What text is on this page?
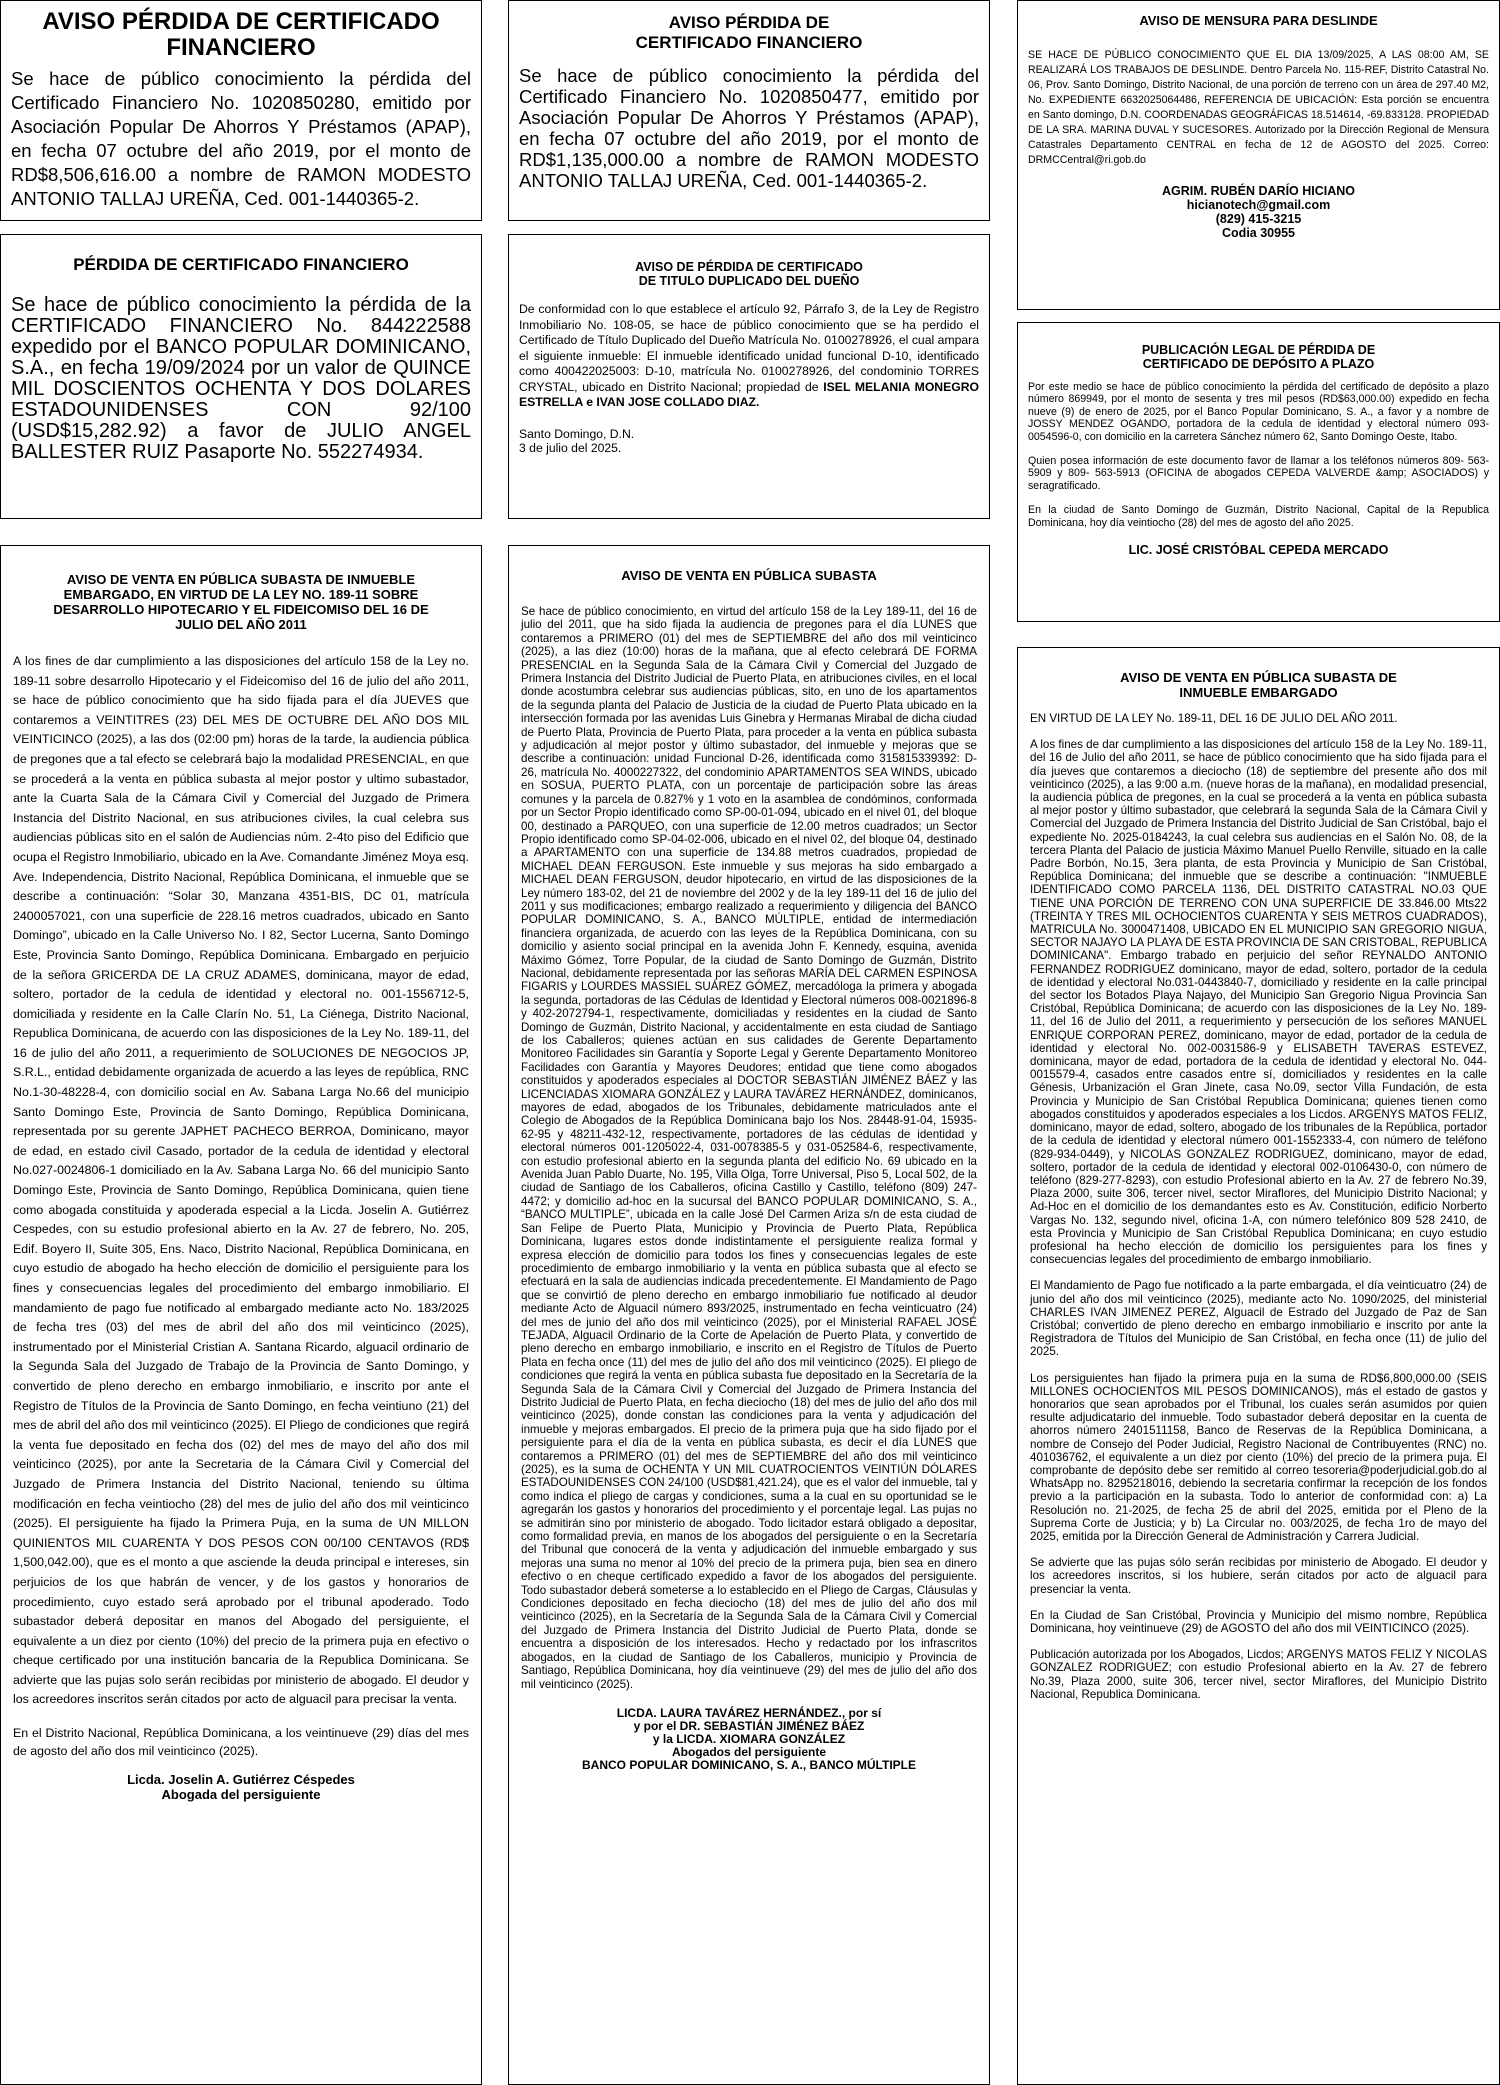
AVISO PÉRDIDA DE CERTIFICADO FINANCIERO

Se hace de público conocimiento la pérdida del Certificado Financiero No. 1020850280, emitido por Asociación Popular De Ahorros Y Préstamos (APAP), en fecha 07 octubre del año 2019, por el monto de RD$8,506,616.00 a nombre de RAMON MODESTO ANTONIO TALLAJ UREÑA, Ced. 001-1440365-2.

PÉRDIDA DE CERTIFICADO FINANCIERO

Se hace de público conocimiento la pérdida de la CERTIFICADO FINANCIERO No. 844222588 expedido por el BANCO POPULAR DOMINICANO, S.A., en fecha 19/09/2024 por un valor de QUINCE MIL DOSCIENTOS OCHENTA Y DOS DOLARES ESTADOUNIDENSES CON 92/100 (USD$15,282.92) a favor de JULIO ANGEL BALLESTER RUIZ Pasaporte No. 552274934.

AVISO DE VENTA EN PÚBLICA SUBASTA DE INMUEBLE EMBARGADO, EN VIRTUD DE LA LEY NO. 189-11 SOBRE DESARROLLO HIPOTECARIO Y EL FIDEICOMISO DEL 16 DE JULIO DEL AÑO 2011

A los fines de dar cumplimiento a las disposiciones del artículo 158 de la Ley no. 189-11 sobre desarrollo Hipotecario y el Fideicomiso del 16 de julio del año 2011, se hace de público conocimiento que ha sido fijada para el día JUEVES que contaremos a VEINTITRES (23) DEL MES DE OCTUBRE DEL AÑO DOS MIL VEINTICINCO (2025), a las dos (02:00 pm) horas de la tarde, la audiencia pública de pregones que a tal efecto se celebrará bajo la modalidad PRESENCIAL, en que se procederá a la venta en pública subasta al mejor postor y ultimo subastador, ante la Cuarta Sala de la Cámara Civil y Comercial del Juzgado de Primera Instancia del Distrito Nacional, en sus atribuciones civiles, la cual celebra sus audiencias públicas sito en el salón de Audiencias núm. 2-4to piso del Edificio que ocupa el Registro Inmobiliario, ubicado en la Ave. Comandante Jiménez Moya esq. Ave. Independencia, Distrito Nacional, República Dominicana, el inmueble que se describe a continuación: “Solar 30, Manzana 4351-BIS, DC 01, matrícula 2400057021, con una superficie de 228.16 metros cuadrados, ubicado en Santo Domingo”, ubicado en la Calle Universo No. I 82, Sector Lucerna, Santo Domingo Este, Provincia Santo Domingo, República Dominicana. Embargado en perjuicio de la señora GRICERDA DE LA CRUZ ADAMES, dominicana, mayor de edad, soltero, portador de la cedula de identidad y electoral no. 001-1556712-5, domiciliada y residente en la Calle Clarín No. 51, La Ciénega, Distrito Nacional, Republica Dominicana, de acuerdo con las disposiciones de la Ley No. 189-11, del 16 de julio del año 2011, a requerimiento de SOLUCIONES DE NEGOCIOS JP, S.R.L., entidad debidamente organizada de acuerdo a las leyes de república, RNC No.1-30-48228-4, con domicilio social en Av. Sabana Larga No.66 del municipio Santo Domingo Este, Provincia de Santo Domingo, República Dominicana, representada por su gerente JAPHET PACHECO BERROA, Dominicano, mayor de edad, en estado civil Casado, portador de la cedula de identidad y electoral No.027-0024806-1 domiciliado en la Av. Sabana Larga No. 66 del municipio Santo Domingo Este, Provincia de Santo Domingo, República Dominicana, quien tiene como abogada constituida y apoderada especial a la Licda. Joselin A. Gutiérrez Cespedes, con su estudio profesional abierto en la Av. 27 de febrero, No. 205, Edif. Boyero II, Suite 305, Ens. Naco, Distrito Nacional, República Dominicana, en cuyo estudio de abogado ha hecho elección de domicilio el persiguiente para los fines y consecuencias legales del procedimiento del embargo inmobiliario. El mandamiento de pago fue notificado al embargado mediante acto No. 183/2025 de fecha tres (03) del mes de abril del año dos mil veinticinco (2025), instrumentado por el Ministerial Cristian A. Santana Ricardo, alguacil ordinario de la Segunda Sala del Juzgado de Trabajo de la Provincia de Santo Domingo, y convertido de pleno derecho en embargo inmobiliario, e inscrito por ante el Registro de Títulos de la Provincia de Santo Domingo, en fecha veintiuno (21) del mes de abril del año dos mil veinticinco (2025). El Pliego de condiciones que regirá la venta fue depositado en fecha dos (02) del mes de mayo del año dos mil veinticinco (2025), por ante la Secretaria de la Cámara Civil y Comercial del Juzgado de Primera Instancia del Distrito Nacional, teniendo su última modificación en fecha veintiocho (28) del mes de julio del año dos mil veinticinco (2025). El persiguiente ha fijado la Primera Puja, en la suma de UN MILLON QUINIENTOS MIL CUARENTA Y DOS PESOS CON 00/100 CENTAVOS (RD$ 1,500,042.00), que es el monto a que asciende la deuda principal e intereses, sin perjuicios de los que habrán de vencer, y de los gastos y honorarios de procedimiento, cuyo estado será aprobado por el tribunal apoderado. Todo subastador deberá depositar en manos del Abogado del persiguiente, el equivalente a un diez por ciento (10%) del precio de la primera puja en efectivo o cheque certificado por una institución bancaria de la Republica Dominicana. Se advierte que las pujas solo serán recibidas por ministerio de abogado. El deudor y los acreedores inscritos serán citados por acto de alguacil para precisar la venta.

En el Distrito Nacional, República Dominicana, a los veintinueve (29) días del mes de agosto del año dos mil veinticinco (2025).

Licda. Joselin A. Gutiérrez Céspedes
Abogada del persiguiente
AVISO PÉRDIDA DE CERTIFICADO FINANCIERO

Se hace de público conocimiento la pérdida del Certificado Financiero No. 1020850477, emitido por Asociación Popular De Ahorros Y Préstamos (APAP), en fecha 07 octubre del año 2019, por el monto de RD$1,135,000.00 a nombre de RAMON MODESTO ANTONIO TALLAJ UREÑA, Ced. 001-1440365-2.

AVISO DE PÉRDIDA DE CERTIFICADO DE TITULO DUPLICADO DEL DUEÑO

De conformidad con lo que establece el artículo 92, Párrafo 3, de la Ley de Registro Inmobiliario No. 108-05, se hace de público conocimiento que se ha perdido el Certificado de Título Duplicado del Dueño Matrícula No. 0100278926, el cual ampara el siguiente inmueble: El inmueble identificado unidad funcional D-10, identificado como 400422025003: D-10, matrícula No. 0100278926, del condominio TORRES CRYSTAL, ubicado en Distrito Nacional; propiedad de ISEL MELANIA MONEGRO ESTRELLA e IVAN JOSE COLLADO DIAZ.

Santo Domingo, D.N.
3 de julio del 2025.
AVISO DE VENTA EN PÚBLICA SUBASTA

Se hace de público conocimiento, en virtud del artículo 158 de la Ley 189-11, del 16 de julio del 2011, que ha sido fijada la audiencia de pregones para el día LUNES que contaremos a PRIMERO (01) del mes de SEPTIEMBRE del año dos mil veinticinco (2025), a las diez (10:00) horas de la mañana, que al efecto celebrará DE FORMA PRESENCIAL en la Segunda Sala de la Cámara Civil y Comercial del Juzgado de Primera Instancia del Distrito Judicial de Puerto Plata, en atribuciones civiles, en el local donde acostumbra celebrar sus audiencias públicas, sito, en uno de los apartamentos de la segunda planta del Palacio de Justicia de la ciudad de Puerto Plata ubicado en la intersección formada por las avenidas Luis Ginebra y Hermanas Mirabal de dicha ciudad de Puerto Plata, Provincia de Puerto Plata, para proceder a la venta en pública subasta y adjudicación al mejor postor y último subastador, del inmueble y mejoras que se describe a continuación: unidad Funcional D-26, identificada como 315815339392: D-26, matrícula No. 4000227322, del condominio APARTAMENTOS SEA WINDS, ubicado en SOSUA, PUERTO PLATA, con un porcentaje de participación sobre las áreas comunes y la parcela de 0.827% y 1 voto en la asamblea de condóminos, conformada por un Sector Propio identificado como SP-00-01-094, ubicado en el nivel 01, del bloque 00, destinado a PARQUEO, con una superficie de 12.00 metros cuadrados; un Sector Propio identificado como SP-04-02-006, ubicado en el nivel 02, del bloque 04, destinado a APARTAMENTO con una superficie de 134.88 metros cuadrados, propiedad de MICHAEL DEAN FERGUSON. Este inmueble y sus mejoras ha sido embargado a MICHAEL DEAN FERGUSON, deudor hipotecario, en virtud de las disposiciones de la Ley número 183-02, del 21 de noviembre del 2002 y de la ley 189-11 del 16 de julio del 2011 y sus modificaciones; embargo realizado a requerimiento y diligencia del BANCO POPULAR DOMINICANO, S. A., BANCO MÚLTIPLE, entidad de intermediación financiera organizada, de acuerdo con las leyes de la República Dominicana, con su domicilio y asiento social principal en la avenida John F. Kennedy, esquina, avenida Máximo Gómez, Torre Popular, de la ciudad de Santo Domingo de Guzmán, Distrito Nacional, debidamente representada por las señoras MARÍA DEL CARMEN ESPINOSA FIGARIS y LOURDES MASSIEL SUÁREZ GÓMEZ, mercadóloga la primera y abogada la segunda, portadoras de las Cédulas de Identidad y Electoral números 008-0021896-8 y 402-2072794-1, respectivamente, domiciliadas y residentes en la ciudad de Santo Domingo de Guzmán, Distrito Nacional, y accidentalmente en esta ciudad de Santiago de los Caballeros; quienes actúan en sus calidades de Gerente Departamento Monitoreo Facilidades sin Garantía y Soporte Legal y Gerente Departamento Monitoreo Facilidades con Garantía y Mayores Deudores; entidad que tiene como abogados constituidos y apoderados especiales al DOCTOR SEBASTIÁN JIMÉNEZ BÁEZ y las LICENCIADAS XIOMARA GONZÁLEZ y LAURA TAVÁREZ HERNÁNDEZ, dominicanos, mayores de edad, abogados de los Tribunales, debidamente matriculados ante el Colegio de Abogados de la República Dominicana bajo los Nos. 28448-91-04, 15935-62-95 y 48211-432-12, respectivamente, portadores de las cédulas de identidad y electoral números 001-1205022-4, 031-0078385-5 y 031-052584-6, respectivamente, con estudio profesional abierto en la segunda planta del edificio No. 69 ubicado en la Avenida Juan Pablo Duarte, No. 195, Villa Olga, Torre Universal, Piso 5, Local 502, de la ciudad de Santiago de los Caballeros, oficina Castillo y Castillo, teléfono (809) 247-4472; y domicilio ad-hoc en la sucursal del BANCO POPULAR DOMINICANO, S. A., “BANCO MULTIPLE”, ubicada en la calle José Del Carmen Ariza s/n de esta ciudad de San Felipe de Puerto Plata, Municipio y Provincia de Puerto Plata, República Dominicana, lugares estos donde indistintamente el persiguiente realiza formal y expresa elección de domicilio para todos los fines y consecuencias legales de este procedimiento de embargo inmobiliario y la venta en pública subasta que al efecto se efectuará en la sala de audiencias indicada precedentemente. El Mandamiento de Pago que se convirtió de pleno derecho en embargo inmobiliario fue notificado al deudor mediante Acto de Alguacil número 893/2025, instrumentado en fecha veinticuatro (24) del mes de junio del año dos mil veinticinco (2025), por el Ministerial RAFAEL JOSÉ TEJADA, Alguacil Ordinario de la Corte de Apelación de Puerto Plata, y convertido de pleno derecho en embargo inmobiliario, e inscrito en el Registro de Títulos de Puerto Plata en fecha once (11) del mes de julio del año dos mil veinticinco (2025). El pliego de condiciones que regirá la venta en pública subasta fue depositado en la Secretaría de la Segunda Sala de la Cámara Civil y Comercial del Juzgado de Primera Instancia del Distrito Judicial de Puerto Plata, en fecha dieciocho (18) del mes de julio del año dos mil veinticinco (2025), donde constan las condiciones para la venta y adjudicación del inmueble y mejoras embargados. El precio de la primera puja que ha sido fijado por el persiguiente para el día de la venta en pública subasta, es decir el día LUNES que contaremos a PRIMERO (01) del mes de SEPTIEMBRE del año dos mil veinticinco (2025), es la suma de OCHENTA Y UN MIL CUATROCIENTOS VEINTIÚN DÓLARES ESTADOUNIDENSES CON 24/100 (USD$81,421.24), que es el valor del inmueble, tal y como indica el pliego de cargas y condiciones, suma a la cual en su oportunidad se le agregarán los gastos y honorarios del procedimiento y el porcentaje legal. Las pujas no se admitirán sino por ministerio de abogado. Todo licitador estará obligado a depositar, como formalidad previa, en manos de los abogados del persiguiente o en la Secretaría del Tribunal que conocerá de la venta y adjudicación del inmueble embargado y sus mejoras una suma no menor al 10% del precio de la primera puja, bien sea en dinero efectivo o en cheque certificado expedido a favor de los abogados del persiguiente. Todo subastador deberá someterse a lo establecido en el Pliego de Cargas, Cláusulas y Condiciones depositado en fecha dieciocho (18) del mes de julio del año dos mil veinticinco (2025), en la Secretaría de la Segunda Sala de la Cámara Civil y Comercial del Juzgado de Primera Instancia del Distrito Judicial de Puerto Plata, donde se encuentra a disposición de los interesados. Hecho y redactado por los infrascritos abogados, en la ciudad de Santiago de los Caballeros, municipio y Provincia de Santiago, República Dominicana, hoy día veintinueve (29) del mes de julio del año dos mil veinticinco (2025).

LICDA. LAURA TAVÁREZ HERNÁNDEZ., por sí
y por el DR. SEBASTIÁN JIMÉNEZ BÁEZ
y la LICDA. XIOMARA GONZÁLEZ
Abogados del persiguiente
BANCO POPULAR DOMINICANO, S. A., BANCO MÚLTIPLE
AVISO DE MENSURA PARA DESLINDE

SE HACE DE PÚBLICO CONOCIMIENTO QUE EL DIA 13/09/2025, A LAS 08:00 AM, SE REALIZARÁ LOS TRABAJOS DE DESLINDE. Dentro Parcela No. 115-REF, Distrito Catastral No. 06, Prov. Santo Domingo, Distrito Nacional, de una porción de terreno con un área de 297.40 M2, No. EXPEDIENTE 6632025064486, REFERENCIA DE UBICACIÓN: Esta porción se encuentra en Santo domingo, D.N. COORDENADAS GEOGRÁFICAS 18.514614, -69.833128. PROPIEDAD DE LA SRA. MARINA DUVAL Y SUCESORES. Autorizado por la Dirección Regional de Mensura Catastrales Departamento CENTRAL en fecha de 12 de AGOSTO del 2025. Correo: DRMCCentral@ri.gob.do

AGRIM. RUBÉN DARÍO HICIANO
hicianotech@gmail.com
(829) 415-3215
Codia 30955
PUBLICACIÓN LEGAL DE PÉRDIDA DE CERTIFICADO DE DEPÓSITO A PLAZO

Por este medio se hace de público conocimiento la pérdida del certificado de depósito a plazo número 869949, por el monto de sesenta y tres mil pesos (RD$63,000.00) expedido en fecha nueve (9) de enero de 2025, por el Banco Popular Dominicano, S. A., a favor y a nombre de JOSSY MENDEZ OGANDO, portadora de la cedula de identidad y electoral número 093-0054596-0, con domicilio en la carretera Sánchez número 62, Santo Domingo Oeste, Itabo.

Quien posea información de este documento favor de llamar a los teléfonos números 809- 563-5909 y 809- 563-5913 (OFICINA de abogados CEPEDA VALVERDE &amp; ASOCIADOS) y seragratificado.

En la ciudad de Santo Domingo de Guzmán, Distrito Nacional, Capital de la Republica Dominicana, hoy día veintiocho (28) del mes de agosto del año 2025.

LIC. JOSÉ CRISTÓBAL CEPEDA MERCADO
AVISO DE VENTA EN PÚBLICA SUBASTA DE INMUEBLE EMBARGADO

EN VIRTUD DE LA LEY No. 189-11, DEL 16 DE JULIO DEL AÑO 2011.

A los fines de dar cumplimiento a las disposiciones del artículo 158 de la Ley No. 189-11, del 16 de Julio del año 2011, se hace de público conocimiento que ha sido fijada para el día jueves que contaremos a dieciocho (18) de septiembre del presente año dos mil veinticinco (2025), a las 9:00 a.m. (nueve horas de la mañana), en modalidad presencial, la audiencia pública de pregones, en la cual se procederá a la venta en pública subasta al mejor postor y último subastador, que celebrará la segunda Sala de la Cámara Civil y Comercial del Juzgado de Primera Instancia del Distrito Judicial de San Cristóbal, bajo el expediente No. 2025-0184243, la cual celebra sus audiencias en el Salón No. 08, de la tercera Planta del Palacio de justicia Máximo Manuel Puello Renville, situado en la calle Padre Borbón, No.15, 3era planta, de esta Provincia y Municipio de San Cristóbal, República Dominicana; del inmueble que se describe a continuación: "INMUEBLE IDENTIFICADO COMO PARCELA 1136, DEL DISTRITO CATASTRAL NO.03 QUE TIENE UNA PORCIÓN DE TERRENO CON UNA SUPERFICIE DE 33.846.00 Mts22 (TREINTA Y TRES MIL OCHOCIENTOS CUARENTA Y SEIS METROS CUADRADOS), MATRICULA No. 3000471408, UBICADO EN EL MUNICIPIO SAN GREGORIO NIGUA, SECTOR NAJAYO LA PLAYA DE ESTA PROVINCIA DE SAN CRISTOBAL, REPUBLICA DOMINICANA". Embargo trabado en perjuicio del señor REYNALDO ANTONIO FERNANDEZ RODRIGUEZ dominicano, mayor de edad, soltero, portador de la cedula de identidad y electoral No.031-0443840-7, domiciliado y residente en la calle principal del sector los Botados Playa Najayo, del Municipio San Gregorio Nigua Provincia San Cristóbal, República Dominicana; de acuerdo con las disposiciones de la Ley No. 189-11, del 16 de Julio del 2011, a requerimiento y persecución de los señores MANUEL ENRIQUE CORPORAN PEREZ, dominicano, mayor de edad, portador de la cedula de identidad y electoral No. 002-0031586-9 y ELISABETH TAVERAS ESTEVEZ, dominicana, mayor de edad, portadora de la cedula de identidad y electoral No. 044-0015579-4, casados entre casados entre sí, domiciliados y residentes en la calle Génesis, Urbanización el Gran Jinete, casa No.09, sector Villa Fundación, de esta Provincia y Municipio de San Cristóbal Republica Dominicana; quienes tienen como abogados constituidos y apoderados especiales a los Licdos. ARGENYS MATOS FELIZ, dominicano, mayor de edad, soltero, abogado de los tribunales de la República, portador de la cedula de identidad y electoral número 001-1552333-4, con número de teléfono (829-934-0449), y NICOLAS GONZALEZ RODRIGUEZ, dominicano, mayor de edad, soltero, portador de la cedula de identidad y electoral 002-0106430-0, con número de teléfono (829-277-8293), con estudio Profesional abierto en la Av. 27 de febrero No.39, Plaza 2000, suite 306, tercer nivel, sector Miraflores, del Municipio Distrito Nacional; y Ad-Hoc en el domicilio de los demandantes esto es Av. Constitución, edificio Norberto Vargas No. 132, segundo nivel, oficina 1-A, con número telefónico 809 528 2410, de esta Provincia y Municipio de San Cristóbal Republica Dominicana; en cuyo estudio profesional ha hecho elección de domicilio los persiguientes para los fines y consecuencias legales del procedimiento de embargo inmobiliario.

El Mandamiento de Pago fue notificado a la parte embargada, el día veinticuatro (24) de junio del año dos mil veinticinco (2025), mediante acto No. 1090/2025, del ministerial CHARLES IVAN JIMENEZ PEREZ, Alguacil de Estrado del Juzgado de Paz de San Cristóbal; convertido de pleno derecho en embargo inmobiliario e inscrito por ante la Registradora de Títulos del Municipio de San Cristóbal, en fecha once (11) de julio del 2025.

Los persiguientes han fijado la primera puja en la suma de RD$6,800,000.00 (SEIS MILLONES OCHOCIENTOS MIL PESOS DOMINICANOS), más el estado de gastos y honorarios que sean aprobados por el Tribunal, los cuales serán asumidos por quien resulte adjudicatario del inmueble. Todo subastador deberá depositar en la cuenta de ahorros número 2401511158, Banco de Reservas de la República Dominicana, a nombre de Consejo del Poder Judicial, Registro Nacional de Contribuyentes (RNC) no. 401036762, el equivalente a un diez por ciento (10%) del precio de la primera puja. El comprobante de depósito debe ser remitido al correo tesoreria@poderjudicial.gob.do al WhatsApp no. 8295218016, debiendo la secretaria confirmar la recepción de los fondos previo a la participación en la subasta. Todo lo anterior de conformidad con: a) La Resolución no. 21-2025, de fecha 25 de abril del 2025, emitida por el Pleno de la Suprema Corte de Justicia; y b) La Circular no. 003/2025, de fecha 1ro de mayo del 2025, emitida por la Dirección General de Administración y Carrera Judicial.

Se advierte que las pujas sólo serán recibidas por ministerio de Abogado. El deudor y los acreedores inscritos, si los hubiere, serán citados por acto de alguacil para presenciar la venta.

En la Ciudad de San Cristóbal, Provincia y Municipio del mismo nombre, República Dominicana, hoy veintinueve (29) de AGOSTO del año dos mil VEINTICINCO (2025).

Publicación autorizada por los Abogados, Licdos; ARGENYS MATOS FELIZ Y NICOLAS GONZALEZ RODRIGUEZ; con estudio Profesional abierto en la Av. 27 de febrero No.39, Plaza 2000, suite 306, tercer nivel, sector Miraflores, del Municipio Distrito Nacional, Republica Dominicana.
